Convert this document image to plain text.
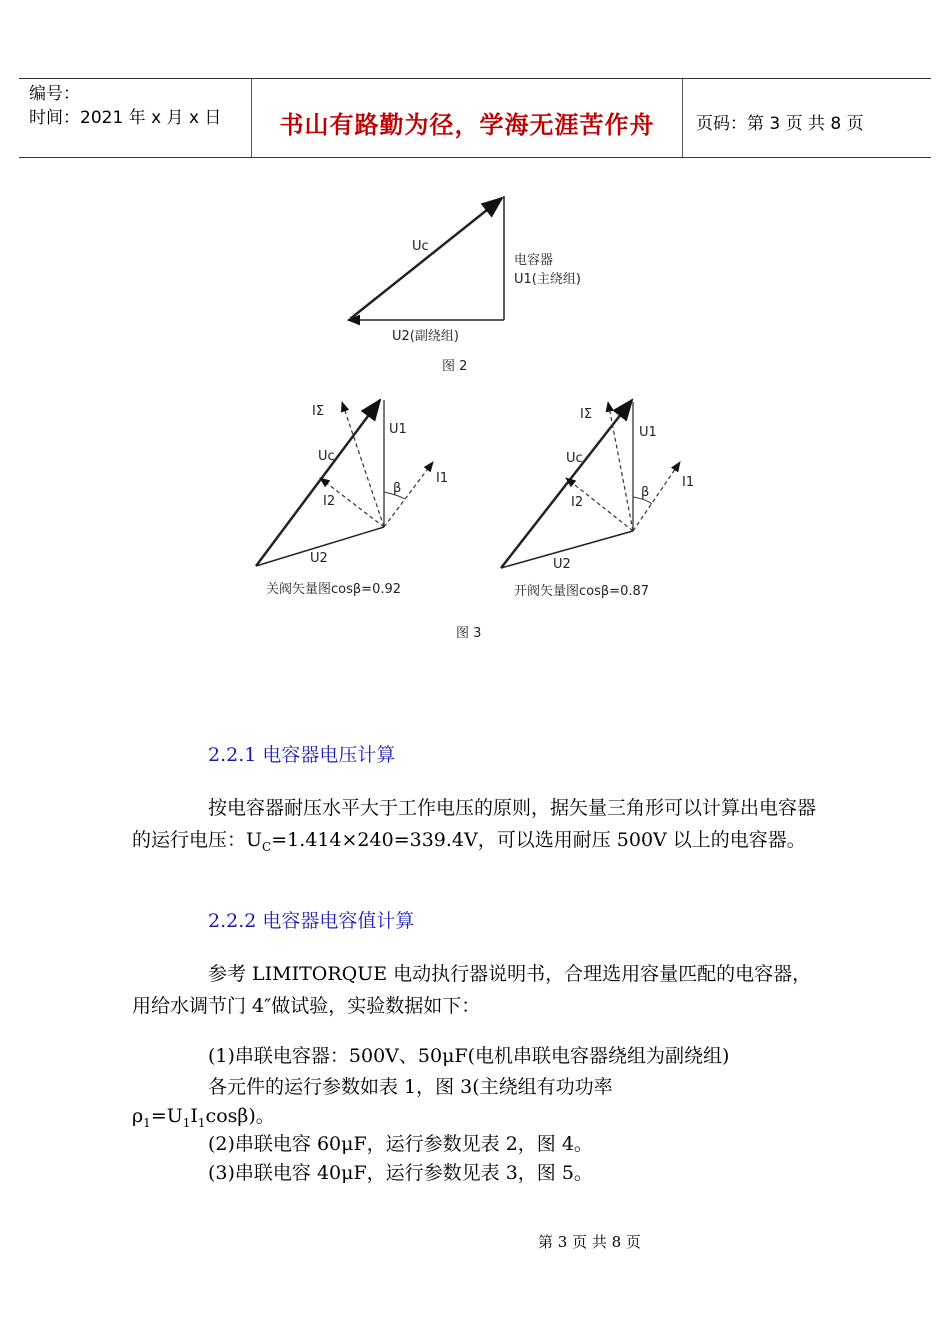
编号：
时间：2021 年 x 月 x 日	书山有路勤为径，学海无涯苦作舟	页码：第 3 页 共 8 页
Uc
电容器
U1(主绕组)
U2(副绕组)
图 2
IΣ
U1
Uc
I2
β
I1
U2
关阀矢量图cosβ=0.92
IΣ
U1
Uc
I2
β
I1
U2
开阀矢量图cosβ=0.87
图 3
2.2.1 电容器电压计算
按电容器耐压水平大于工作电压的原则，据矢量三角形可以计算出电容器的运行电压：$U_C=1.414\times 240=339.4V$，可以选用耐压 500V 以上的电容器。
2.2.2 电容器电容值计算
参考 LIMITORQUE 电动执行器说明书，合理选用容量匹配的电容器，用给水调节门 4″做试验，实验数据如下：
(1)串联电容器：500V、50μF(电机串联电容器绕组为副绕组)
各元件的运行参数如表 1，图 3(主绕组有功功率
$\rho_1=U_1I_1\cos\beta$)。
(2)串联电容 60μF，运行参数见表 2，图 4。
(3)串联电容 40μF，运行参数见表 3，图 5。
第 3 页 共 8 页
